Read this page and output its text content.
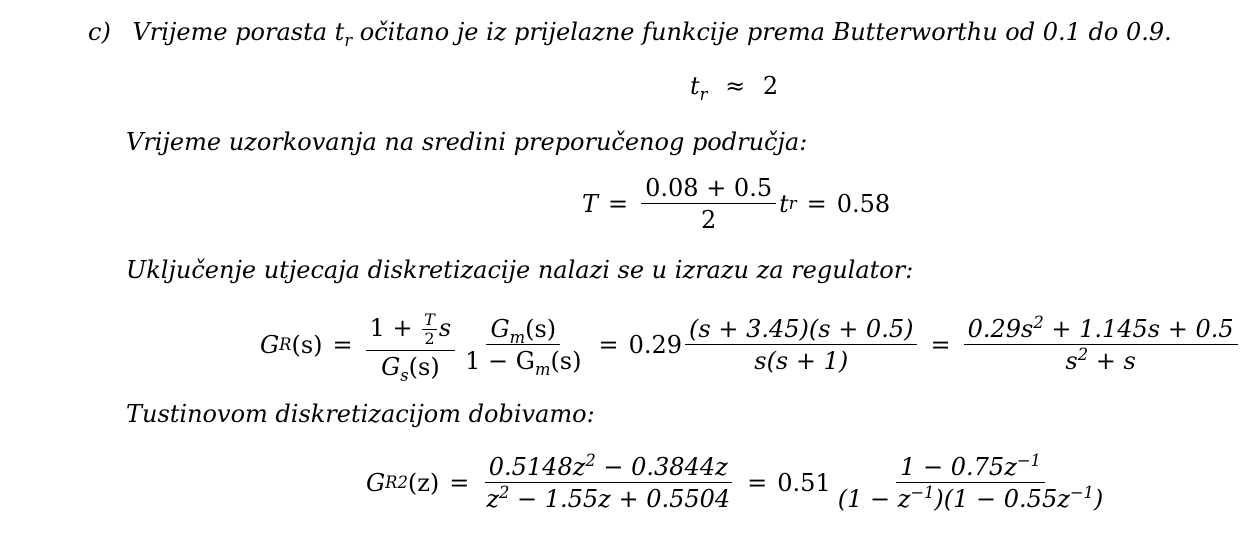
c) Vrijeme porasta $t_r$ očitano je iz prijelazne funkcije prema Butterworthu od 0.1 do 0.9.
$t_r \approx 2$
Vrijeme uzorkovanja na sredini preporučenog područja:
$T = \frac{0.08 + 0.5}{2}$ t r = 0.58
Uključenje utjecaja diskretizacije nalazi se u izrazu za regulator:
G R $(s) = \frac{1 + \frac{T}{2} s}{G_s(s)} \frac{G_m(s)}{1 - G_m(s)} = 0.29 \frac{(s + 3.45)(s + 0.5)}{s(s + 1)} = \frac{0.29s^2 + 1.145s + 0.5}{s^2 + s}$
Tustinovom diskretizacijom dobivamo:
G R2 $(z) = \frac{0.5148z^2 - 0.3844z}{z^2 - 1.55z + 0.5504} = 0.51 \frac{1 - 0.75z^{-1}}{(1 - z^{-1})(1 - 0.55z^{-1})}$
